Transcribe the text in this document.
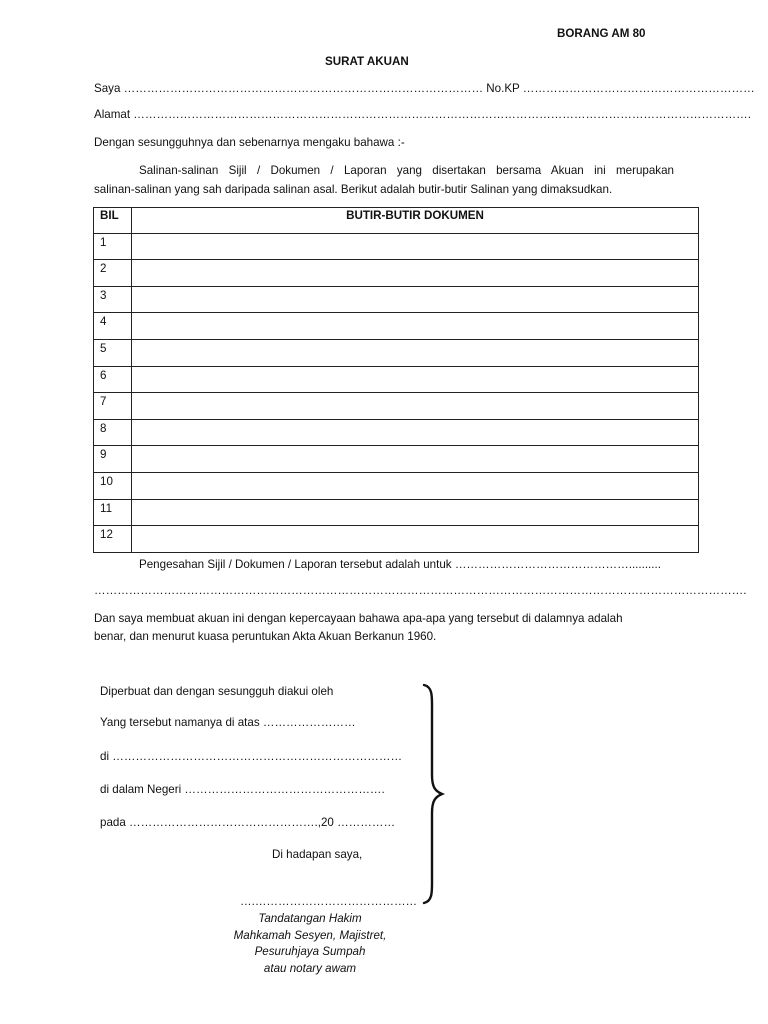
BORANG AM 80
SURAT AKUAN
Saya ………………………………………………………………………………… No.KP ……………………………………………………
Alamat …………………………………………………………………………………………………………………………………………….
Dengan sesungguhnya dan sebenarnya mengaku bahawa :-
Salinan-salinan Sijil / Dokumen / Laporan yang disertakan bersama Akuan ini merupakan
salinan-salinan yang sah daripada salinan asal. Berikut adalah butir-butir Salinan yang dimaksudkan.
BIL	BUTIR-BUTIR DOKUMEN
1	
2	
3	
4	
5	
6	
7	
8	
9	
10	
11	
12	
Pengesahan Sijil / Dokumen / Laporan tersebut adalah untuk ………………………………………..........
…………………………………………………………………………………………………………………………………………………….
Dan saya membuat akuan ini dengan kepercayaan bahawa apa-apa yang tersebut di dalamnya adalah
benar, dan menurut kuasa peruntukan Akta Akuan Berkanun 1960.
Diperbuat dan dengan sesungguh diakui oleh
Yang tersebut namanya di atas ……………………
di …………………………………………………………………
di dalam Negeri …………………………………………….
pada ………………………………………….,20 ……………
Di hadapan saya,
….……………………………………
Tandatangan Hakim
Mahkamah Sesyen, Majistret,
Pesuruhjaya Sumpah
atau notary awam
